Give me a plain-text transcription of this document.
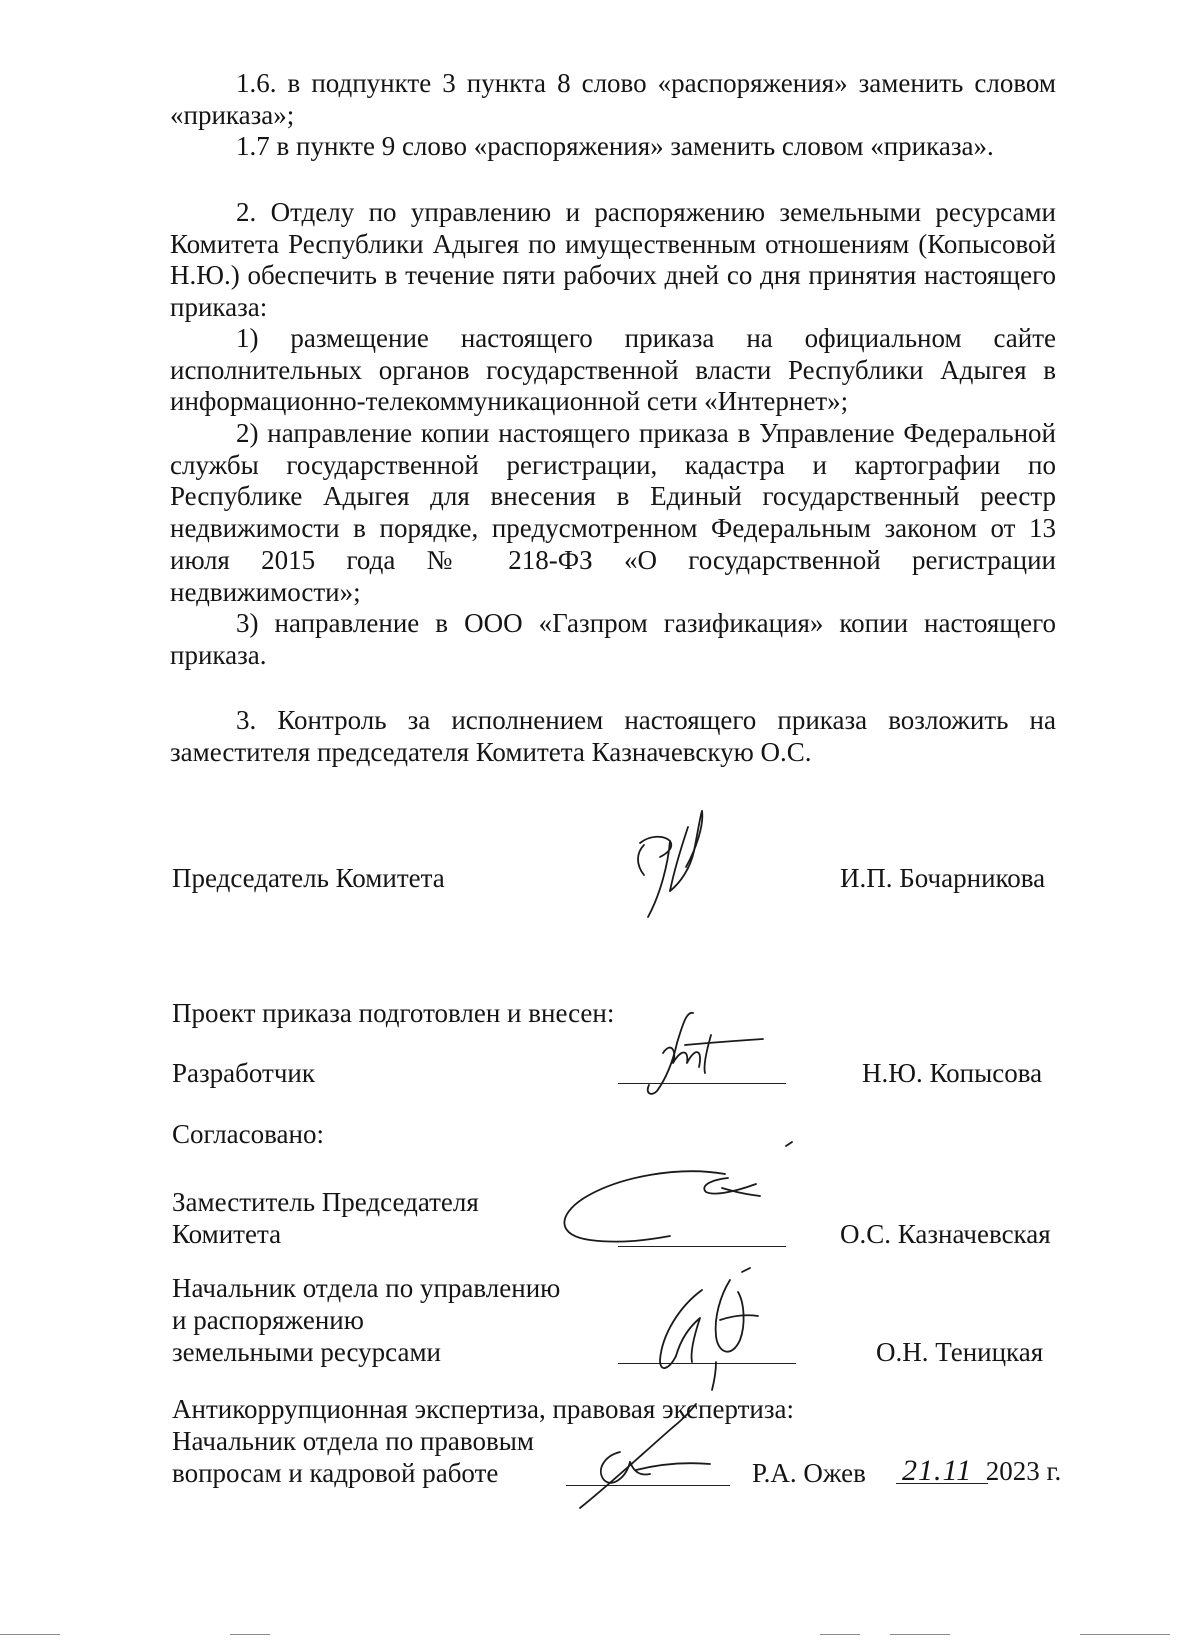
1.6. в подпункте 3 пункта 8 слово «распоряжения» заменить словом «приказа»;
1.7 в пункте 9 слово «распоряжения» заменить словом «приказа».
2. Отделу по управлению и распоряжению земельными ресурсами Комитета Республики Адыгея по имущественным отношениям (Копысовой Н.Ю.) обеспечить в течение пяти рабочих дней со дня принятия настоящего приказа:
1) размещение настоящего приказа на официальном сайте исполнительных органов государственной власти Республики Адыгея в информационно-телекоммуникационной сети «Интернет»;
2) направление копии настоящего приказа в Управление Федеральной службы государственной регистрации, кадастра и картографии по Республике Адыгея для внесения в Единый государственный реестр недвижимости в порядке, предусмотренном Федеральным законом от 13 июля 2015 года № 218-ФЗ «О государственной регистрации недвижимости»;
3) направление в ООО «Газпром газификация» копии настоящего приказа.
3. Контроль за исполнением настоящего приказа возложить на заместителя председателя Комитета Казначевскую О.С.
Председатель Комитета	И.П. Бочарникова
Проект приказа подготовлен и внесен:
Разработчик	Н.Ю. Копысова
Согласовано:
Заместитель Председателя
Комитета	О.С. Казначевская
Начальник отдела по управлению
и распоряжению
земельными ресурсами	О.Н. Теницкая
Антикоррупционная экспертиза, правовая экспертиза:
Начальник отдела по правовым
вопросам и кадровой работе	Р.А. Ожев 21.11 2023 г.
